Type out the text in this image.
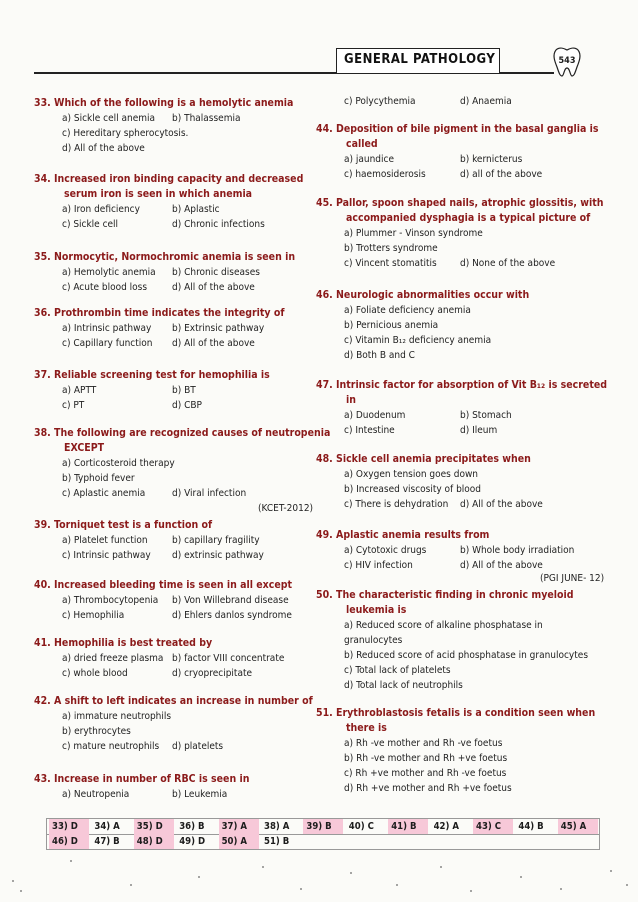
GENERAL PATHOLOGY	543
33. Which of the following is a hemolytic anemia
a) Sickle cell anemia b) Thalassemia
c) Hereditary spherocytosis.
d) All of the above
34. Increased iron binding capacity and decreased
serum iron is seen in which anemia
a) Iron deficiency	b) Aplastic
c) Sickle cell	d) Chronic infections
35. Normocytic, Normochromic anemia is seen in
a) Hemolytic anemia b) Chronic diseases
c) Acute blood loss d) All of the above
36. Prothrombin time indicates the integrity of
a) Intrinsic pathway b) Extrinsic pathway
c) Capillary function d) All of the above
37. Reliable screening test for hemophilia is
a) APTT	b) BT
c) PT	d) CBP
38. The following are recognized causes of neutropenia
EXCEPT
a) Corticosteroid therapy
b) Typhoid fever
c) Aplastic anemia	d) Viral infection
(KCET-2012)
39. Torniquet test is a function of
a) Platelet function b) capillary fragility
c) Intrinsic pathway d) extrinsic pathway
40. Increased bleeding time is seen in all except
a) Thrombocytopenia b) Von Willebrand disease
c) Hemophilia	d) Ehlers danlos syndrome
41. Hemophilia is best treated by
a) dried freeze plasma b) factor VIII concentrate
c) whole blood	d) cryoprecipitate
42. A shift to left indicates an increase in number of
a) immature neutrophils
b) erythrocytes
c) mature neutrophils d) platelets
43. Increase in number of RBC is seen in
a) Neutropenia	b) Leukemia
c) Polycythemia	d) Anaemia
44. Deposition of bile pigment in the basal ganglia is
called
a) jaundice	b) kernicterus
c) haemosiderosis	d) all of the above
45. Pallor, spoon shaped nails, atrophic glossitis, with
accompanied dysphagia is a typical picture of
a) Plummer - Vinson syndrome
b) Trotters syndrome
c) Vincent stomatitis d) None of the above
46. Neurologic abnormalities occur with
a) Foliate deficiency anemia
b) Pernicious anemia
c) Vitamin B₁₂ deficiency anemia
d) Both B and C
47. Intrinsic factor for absorption of Vit B₁₂ is secreted
in
a) Duodenum	b) Stomach
c) Intestine	d) Ileum
48. Sickle cell anemia precipitates when
a) Oxygen tension goes down
b) Increased viscosity of blood
c) There is dehydration d) All of the above
49. Aplastic anemia results from
a) Cytotoxic drugs	b) Whole body irradiation
c) HIV infection	d) All of the above
(PGI JUNE- 12)
50. The characteristic finding in chronic myeloid
leukemia is
a) Reduced score of alkaline phosphatase in
granulocytes
b) Reduced score of acid phosphatase in granulocytes
c) Total lack of platelets
d) Total lack of neutrophils
51. Erythroblastosis fetalis is a condition seen when
there is
a) Rh -ve mother and Rh -ve foetus
b) Rh -ve mother and Rh +ve foetus
c) Rh +ve mother and Rh -ve foetus
d) Rh +ve mother and Rh +ve foetus
33) D	34) A	35) D	36) B	37) A	38) A	39) B	40) C	41) B	42) A	43) C	44) B	45) A
46) D	47) B	48) D	49) D	50) A	51) B
